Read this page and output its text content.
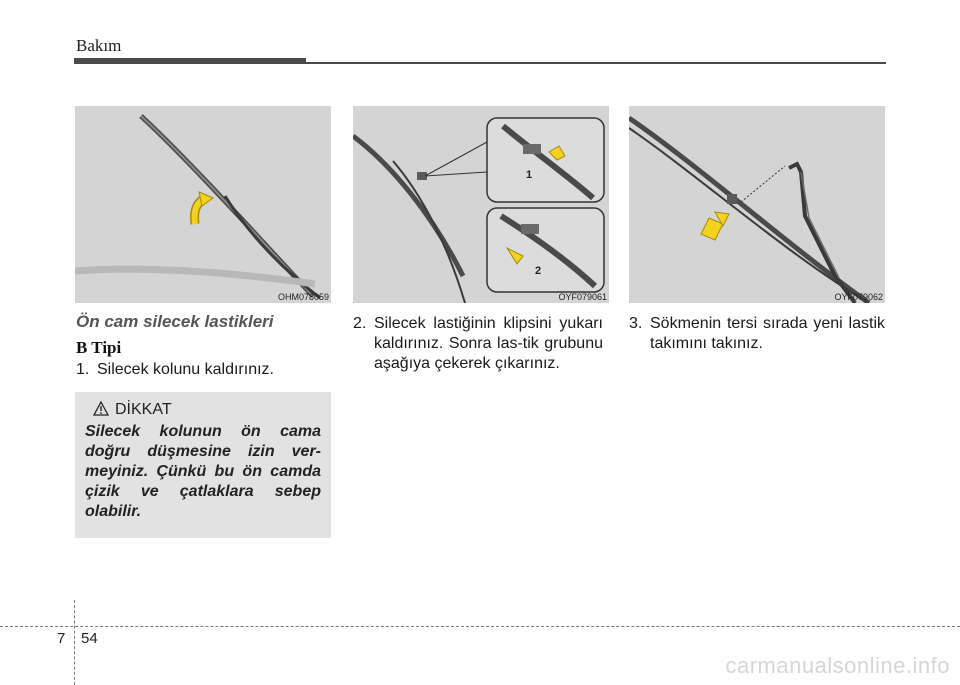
Bakım
OHM078059
1
2
OYF079061	OYF079062
Ön cam silecek lastikleri
B Tipi
1. Silecek kolunu kaldırınız.
2. Silecek lastiğinin klipsini yukarı kaldırınız. Sonra las-tik grubunu aşağıya çekerek çıkarınız.
3. Sökmenin tersi sırada yeni lastik takımını takınız.
DİKKAT
Silecek kolunun ön cama doğru düşmesine izin ver-meyiniz. Çünkü bu ön camda çizik ve çatlaklara sebep olabilir.
7 54
carmanualsonline.info
